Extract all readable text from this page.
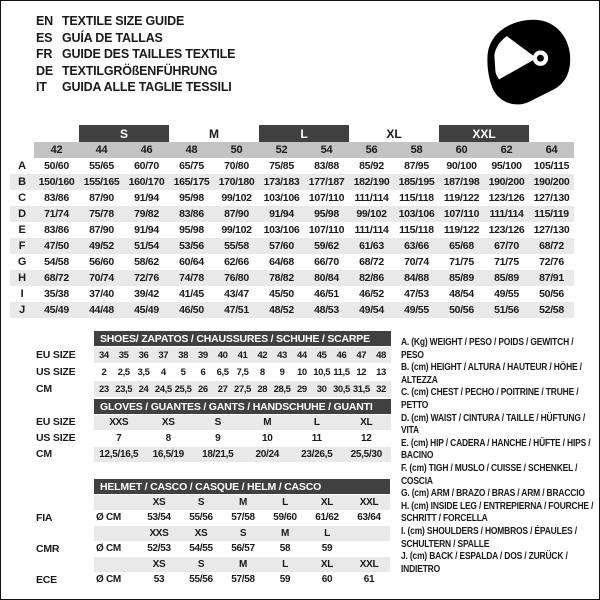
EN TEXTILE SIZE GUIDE
ES GUÍA DE TALLAS
FR GUIDE DES TAILLES TEXTILE
DE TEXTILGRÖßENFÜHRUNG
IT	GUIDA ALLE TAGLIE TESSILI
S	M	L	XL	XXL
42	44	46	48	50	52	54	56	58	60	62	64
A	50/60	55/65	60/70	65/75	70/80	75/85	83/88	85/92	87/95	90/100	95/100	105/115
B	150/160 155/165 160/170 165/175 170/180 173/183 177/187 182/190 185/195 187/198 190/200 190/200
C	83/86	87/90	91/94	95/98	99/102	103/106 107/110 111/114	115/118 119/122 123/126 127/130
D	71/74	75/78	79/82	83/86	87/90	91/94	95/98	99/102	103/106 107/110 111/114	115/119
E	83/86	87/90	91/94	95/98	99/102	103/106 107/110 111/114	115/118 119/122 123/126 127/130
F	47/50	49/52	51/54	53/56	55/58	57/60	59/62	61/63	63/66	65/68	67/70	68/72
G	54/58	56/60	58/62	60/64	62/66	64/68	66/70	68/72	70/74	71/75	71/75	72/76
H	68/72	70/74	72/76	74/78	76/80	78/82	80/84	82/86	84/88	85/89	85/89	87/91
I	35/38	37/40	39/42	41/45	43/47	45/50	46/51	46/52	47/53	48/54	49/55	50/56
J	45/49	44/48	45/49	46/50	47/51	48/52	48/53	49/54	49/55	50/56	51/56	52/58
SHOES/ ZAPATOS / CHAUSSURES / SCHUHE / SCARPE
EU SIZE	34	35	36	37	38	39	40	41	42	43	44	45	46	47	48
US SIZE	2	2,5 3,5	4	5	6	6,5 7,5	8	9	10 10,5 11,5 12	13
CM	23 23,5 24 24,5 25,5 26	27 27,5 28 28,5 29	30 30,5 31,5 32
GLOVES / GUANTES / GANTS / HANDSCHUHE / GUANTI
EU SIZE	XXS	XS	S	M	L	XL
US SIZE	7	8	9	10	11	12
CM	12,5/16,5	16,5/19	18/21,5	20/24	23/26,5	25,5/30
HELMET / CASCO / CASQUE / HELM / CASCO
XS	S	M	L	XL	XXL
FIA	Ø CM	53/54	55/56	57/58	59/60	61/62	63/64
XXS	XS	S	M	L
CMR	Ø CM	52/53	54/55	56/57	58	59
XS	S	M	L	XL	XXL
ECE	Ø CM	53	55/56	57/58	59	60	61
A. (Kg) WEIGHT / PESO / POIDS / GEWITCH / PESO
B. (cm) HEIGHT / ALTURA / HAUTEUR / HÖHE / ALTEZZA
C. (cm) CHEST / PECHO / POITRINE / TRUHE / PETTO
D. (cm) WAIST / CINTURA / TAILLE / HÜFTUNG / VITA
E. (cm) HIP / CADERA / HANCHE / HÜFTE / HIPS / BACINO
F. (cm) TIGH / MUSLO / CUISSE / SCHENKEL / COSCIA
G. (cm) ARM / BRAZO / BRAS / ARM / BRACCIO
H. (cm) INSIDE LEG / ENTREPIERNA / FOURCHE / SCHRITT / FORCELLA
I. (cm) SHOULDERS / HOMBROS / ÉPAULES / SCHULTERN / SPALLE
J. (cm) BACK / ESPALDA / DOS / ZURÜCK / INDIETRO
